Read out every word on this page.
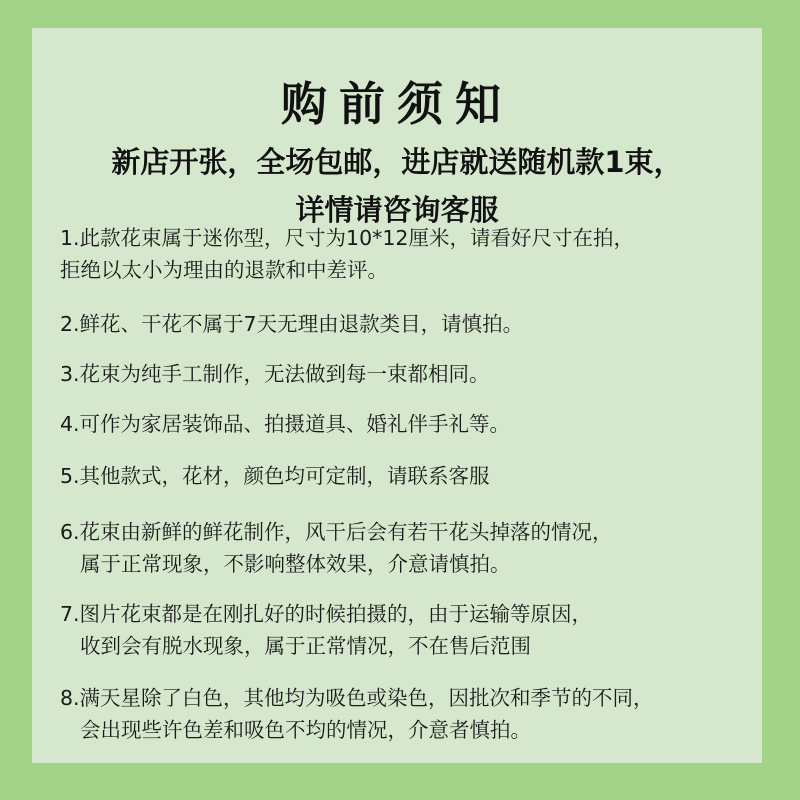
购前须知
新店开张，全场包邮，进店就送随机款1束，
详情请咨询客服
1.此款花束属于迷你型，尺寸为10*12厘米，请看好尺寸在拍，
拒绝以太小为理由的退款和中差评。
2.鲜花、干花不属于7天无理由退款类目，请慎拍。
3.花束为纯手工制作，无法做到每一束都相同。
4.可作为家居装饰品、拍摄道具、婚礼伴手礼等。
5.其他款式，花材，颜色均可定制，请联系客服
6.花束由新鲜的鲜花制作，风干后会有若干花头掉落的情况，
属于正常现象，不影响整体效果，介意请慎拍。
7.图片花束都是在刚扎好的时候拍摄的，由于运输等原因，
收到会有脱水现象，属于正常情况，不在售后范围
8.满天星除了白色，其他均为吸色或染色，因批次和季节的不同，
会出现些许色差和吸色不均的情况，介意者慎拍。
